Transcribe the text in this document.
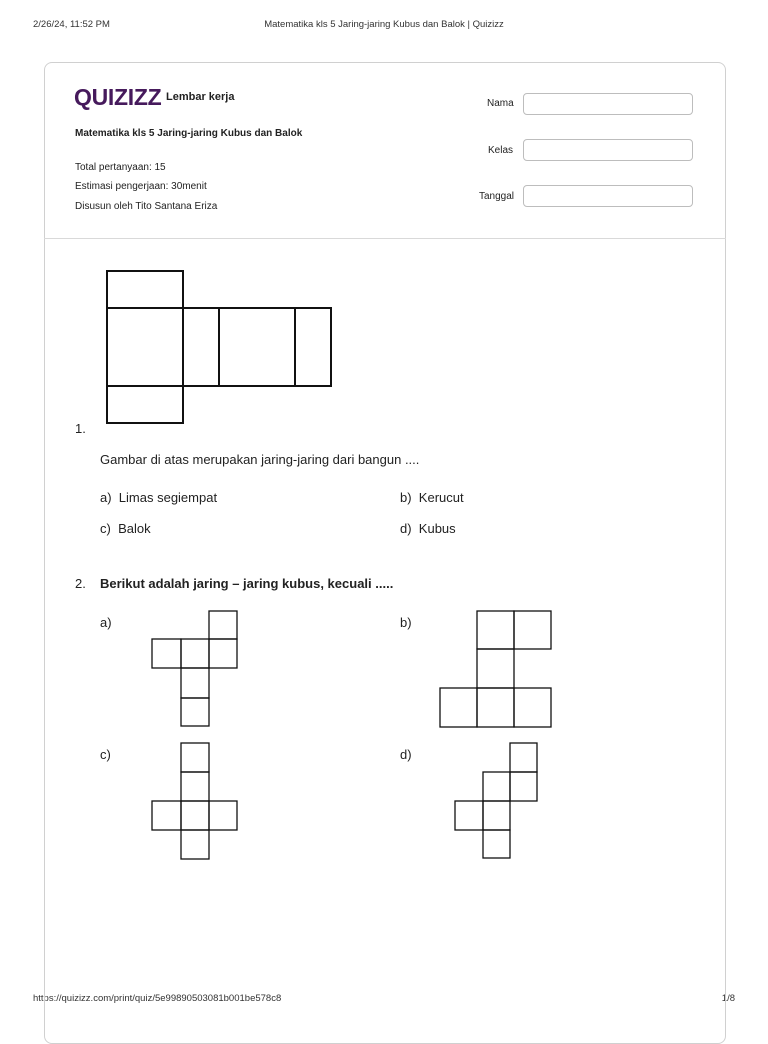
2/26/24, 11:52 PM	Matematika kls 5 Jaring-jaring Kubus dan Balok | Quizizz
https://quizizz.com/print/quiz/5e99890503081b001be578c8	1/8
QUIZIZZ Lembar kerja
Matematika kls 5 Jaring-jaring Kubus dan Balok
Total pertanyaan: 15
Estimasi pengerjaan: 30menit
Disusun oleh Tito Santana Eriza
Nama
Kelas
Tanggal
1.
Gambar di atas merupakan jaring-jaring dari bangun ....
a) Limas segiempat	b) Kerucut
c) Balok	d) Kubus
2. Berikut adalah jaring – jaring kubus, kecuali .....
a)	b)
c)	d)
